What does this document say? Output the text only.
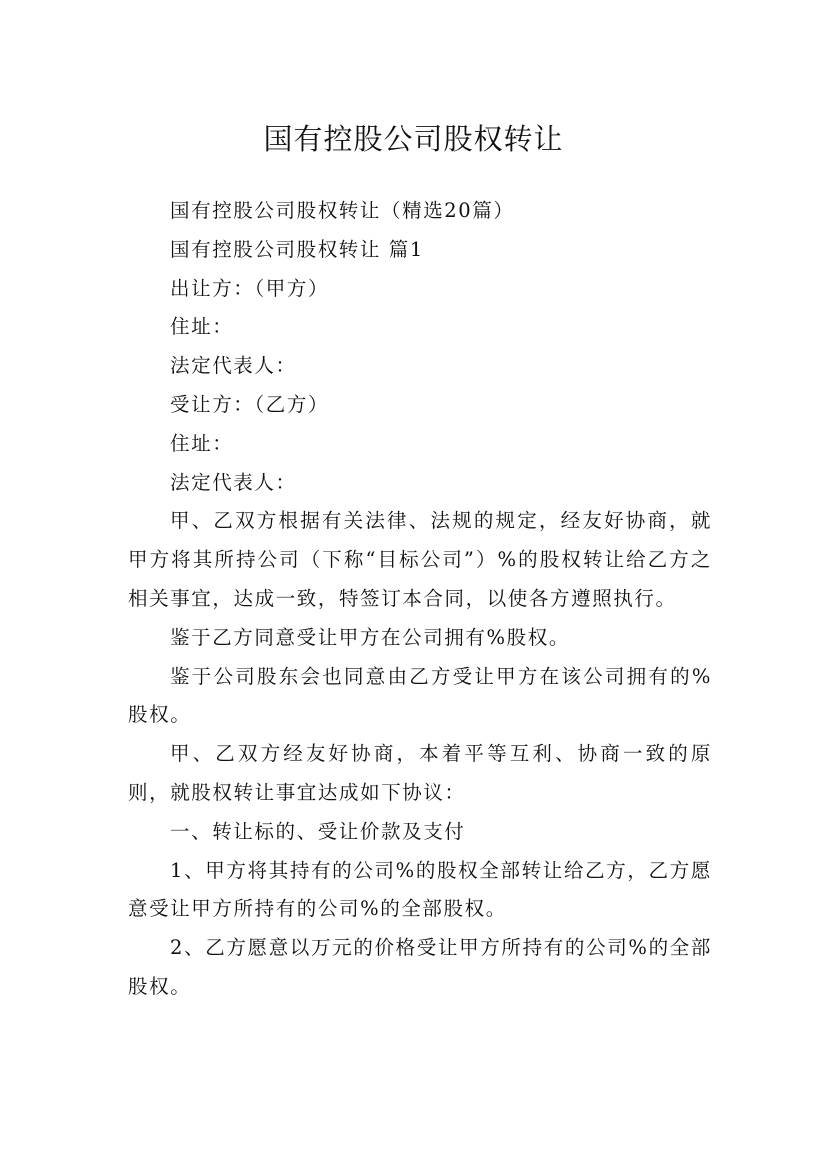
国有控股公司股权转让

国有控股公司股权转让（精选20篇）

国有控股公司股权转让 篇1

出让方：（甲方）

住址：

法定代表人：

受让方：（乙方）

住址：

法定代表人：

甲、乙双方根据有关法律、法规的规定，经友好协商，就甲方将其所持公司（下称“目标公司”）%的股权转让给乙方之相关事宜，达成一致，特签订本合同，以使各方遵照执行。

鉴于乙方同意受让甲方在公司拥有%股权。

鉴于公司股东会也同意由乙方受让甲方在该公司拥有的%股权。

甲、乙双方经友好协商，本着平等互利、协商一致的原则，就股权转让事宜达成如下协议：

一、转让标的、受让价款及支付

1、甲方将其持有的公司%的股权全部转让给乙方，乙方愿意受让甲方所持有的公司%的全部股权。

2、乙方愿意以万元的价格受让甲方所持有的公司%的全部股权。
